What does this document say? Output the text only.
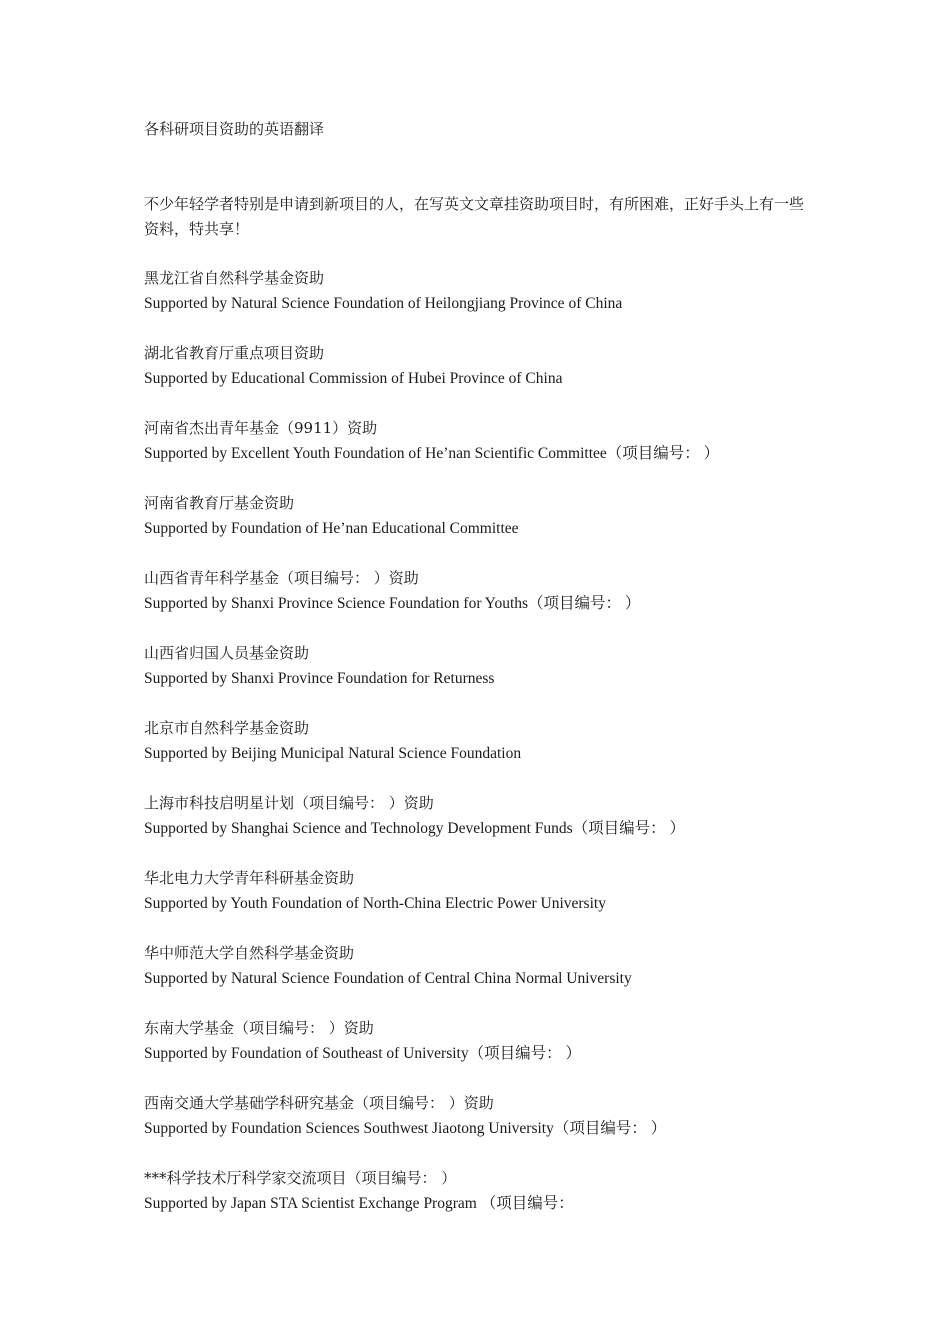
各科研项目资助的英语翻译

不少年轻学者特别是申请到新项目的人，在写英文文章挂资助项目时，有所困难，正好手头上有一些资料，特共享！

黑龙江省自然科学基金资助
Supported by Natural Science Foundation of Heilongjiang Province of China
湖北省教育厅重点项目资助
Supported by Educational Commission of Hubei Province of China
河南省杰出青年基金（9911）资助
Supported by Excellent Youth Foundation of He’nan Scientific Committee（项目编号： ）
河南省教育厅基金资助
Supported by Foundation of He’nan Educational Committee
山西省青年科学基金（项目编号： ）资助
Supported by Shanxi Province Science Foundation for Youths（项目编号： ）
山西省归国人员基金资助
Supported by Shanxi Province Foundation for Returness
北京市自然科学基金资助
Supported by Beijing Municipal Natural Science Foundation
上海市科技启明星计划（项目编号： ）资助
Supported by Shanghai Science and Technology Development Funds（项目编号： ）
华北电力大学青年科研基金资助
Supported by Youth Foundation of North-China Electric Power University
华中师范大学自然科学基金资助
Supported by Natural Science Foundation of Central China Normal University
东南大学基金（项目编号： ）资助
Supported by Foundation of Southeast of University（项目编号： ）
西南交通大学基础学科研究基金（项目编号： ）资助
Supported by Foundation Sciences Southwest Jiaotong University（项目编号： ）
***科学技术厅科学家交流项目（项目编号： ）
Supported by Japan STA Scientist Exchange Program （项目编号：
